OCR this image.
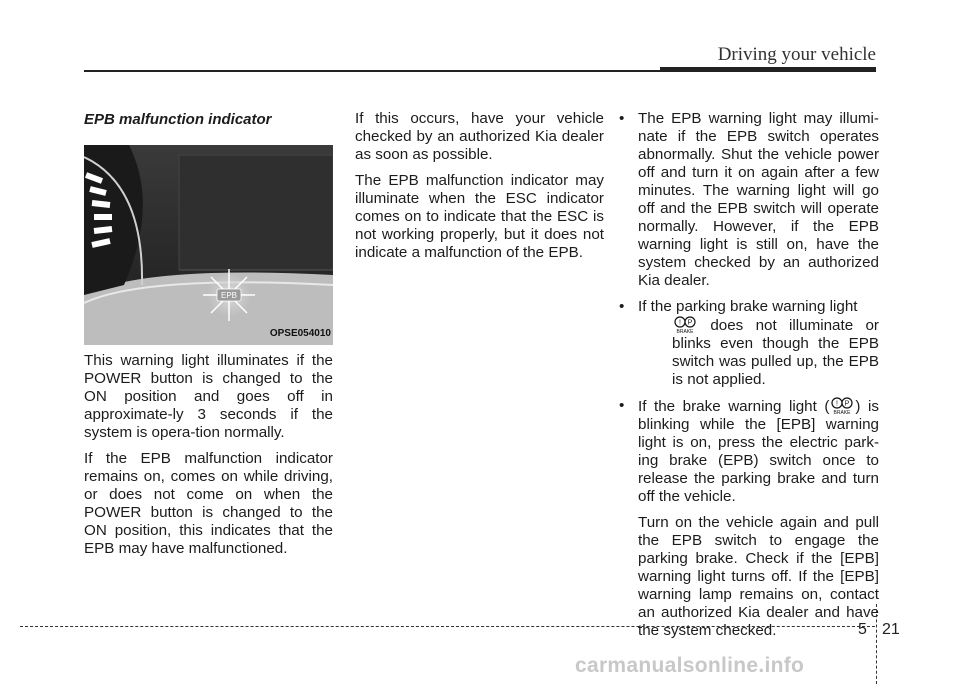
Driving your vehicle
EPB malfunction indicator
EPB
OPSE054010

This warning light illuminates if the POWER button is changed to the ON position and goes off in approximate-ly 3 seconds if the system is opera-tion normally.

If the EPB malfunction indicator remains on, comes on while driving, or does not come on when the POWER button is changed to the ON position, this indicates that the EPB may have malfunctioned.

If this occurs, have your vehicle checked by an authorized Kia dealer as soon as possible.

The EPB malfunction indicator may illuminate when the ESC indicator comes on to indicate that the ESC is not working properly, but it does not indicate a malfunction of the EPB.

• The EPB warning light may illumi-nate if the EPB switch operates abnormally. Shut the vehicle power off and turn it on again after a few minutes. The warning light will go off and the EPB switch will operate normally. However, if the EPB warning light is still on, have the system checked by an authorized Kia dealer.
• If the parking brake warning light
! P
BRAKE does not illuminate or blinks even though the EPB switch was pulled up, the EPB is not applied.
• If the brake warning light ( ! P
BRAKE ) is blinking while the [EPB] warning light is on, press the electric park-ing brake (EPB) switch once to release the parking brake and turn off the vehicle.

Turn on the vehicle again and pull the EPB switch to engage the parking brake. Check if the [EPB] warning light turns off. If the [EPB] warning lamp remains on, contact an authorized Kia dealer and have the system checked.	5 21
carmanualsonline.info
